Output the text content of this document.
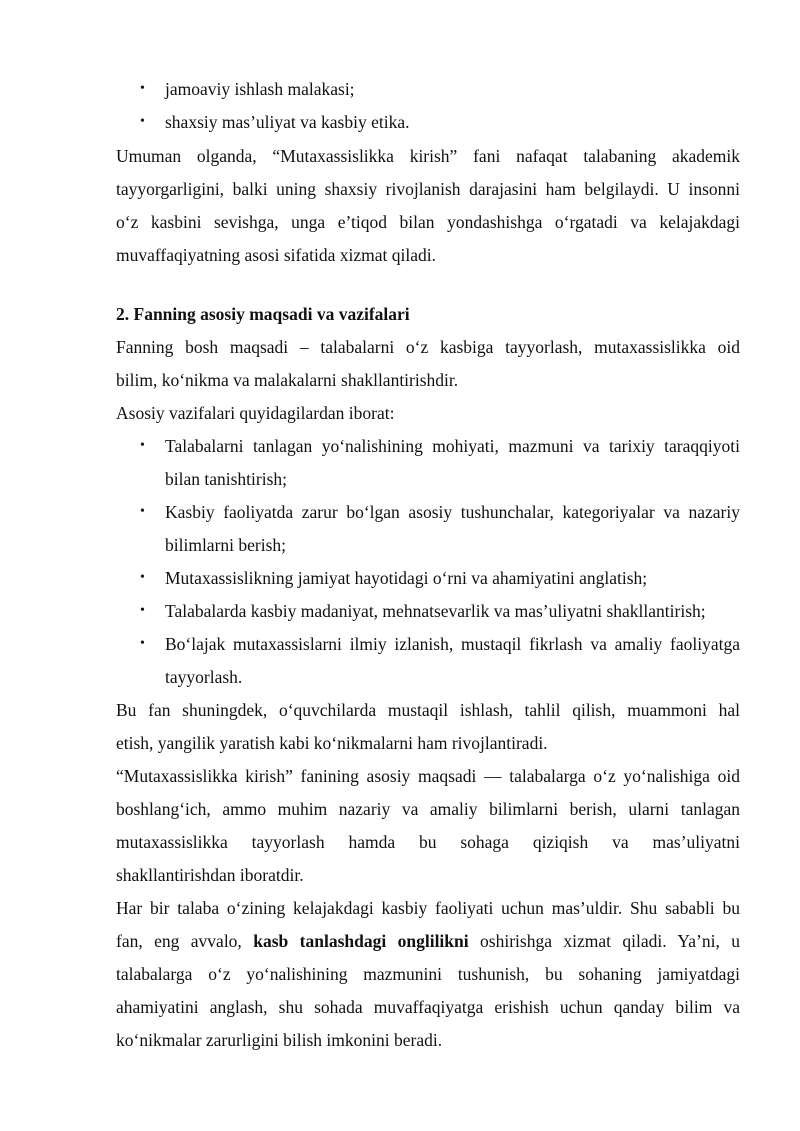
• jamoaviy ishlash malakasi;
• shaxsiy mas’uliyat va kasbiy etika.
Umuman olganda, “Mutaxassislikka kirish” fani nafaqat talabaning akademik
tayyorgarligini, balki uning shaxsiy rivojlanish darajasini ham belgilaydi. U insonni
o‘z kasbini sevishga, unga e’tiqod bilan yondashishga o‘rgatadi va kelajakdagi
muvaffaqiyatning asosi sifatida xizmat qiladi.
2. Fanning asosiy maqsadi va vazifalari
Fanning bosh maqsadi – talabalarni o‘z kasbiga tayyorlash, mutaxassislikka oid
bilim, ko‘nikma va malakalarni shakllantirishdir.
Asosiy vazifalari quyidagilardan iborat:
• Talabalarni tanlagan yo‘nalishining mohiyati, mazmuni va tarixiy taraqqiyoti
bilan tanishtirish;
• Kasbiy faoliyatda zarur bo‘lgan asosiy tushunchalar, kategoriyalar va nazariy
bilimlarni berish;
• Mutaxassislikning jamiyat hayotidagi o‘rni va ahamiyatini anglatish;
• Talabalarda kasbiy madaniyat, mehnatsevarlik va mas’uliyatni shakllantirish;
• Bo‘lajak mutaxassislarni ilmiy izlanish, mustaqil fikrlash va amaliy faoliyatga
tayyorlash.
Bu fan shuningdek, o‘quvchilarda mustaqil ishlash, tahlil qilish, muammoni hal
etish, yangilik yaratish kabi ko‘nikmalarni ham rivojlantiradi.
“Mutaxassislikka kirish” fanining asosiy maqsadi — talabalarga o‘z yo‘nalishiga oid
boshlang‘ich, ammo muhim nazariy va amaliy bilimlarni berish, ularni tanlagan
mutaxassislikka tayyorlash hamda bu sohaga qiziqish va mas’uliyatni
shakllantirishdan iboratdir.
Har bir talaba o‘zining kelajakdagi kasbiy faoliyati uchun mas’uldir. Shu sababli bu
fan, eng avvalo, kasb tanlashdagi onglilikni oshirishga xizmat qiladi. Ya’ni, u
talabalarga o‘z yo‘nalishining mazmunini tushunish, bu sohaning jamiyatdagi
ahamiyatini anglash, shu sohada muvaffaqiyatga erishish uchun qanday bilim va
ko‘nikmalar zarurligini bilish imkonini beradi.
